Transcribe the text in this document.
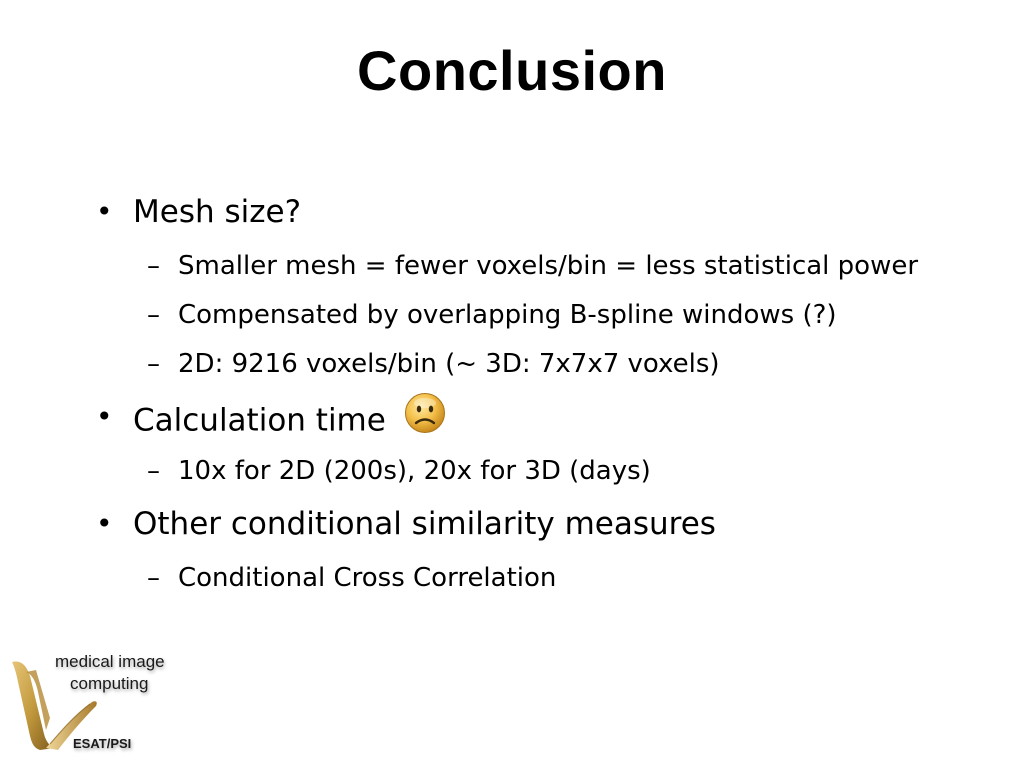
Conclusion
• Mesh size?
– Smaller mesh = fewer voxels/bin = less statistical power
– Compensated by overlapping B-spline windows (?)
– 2D: 9216 voxels/bin (~ 3D: 7x7x7 voxels)
• Calculation time
– 10x for 2D (200s), 20x for 3D (days)
• Other conditional similarity measures
– Conditional Cross Correlation
medical image
computing
ESAT/PSI
